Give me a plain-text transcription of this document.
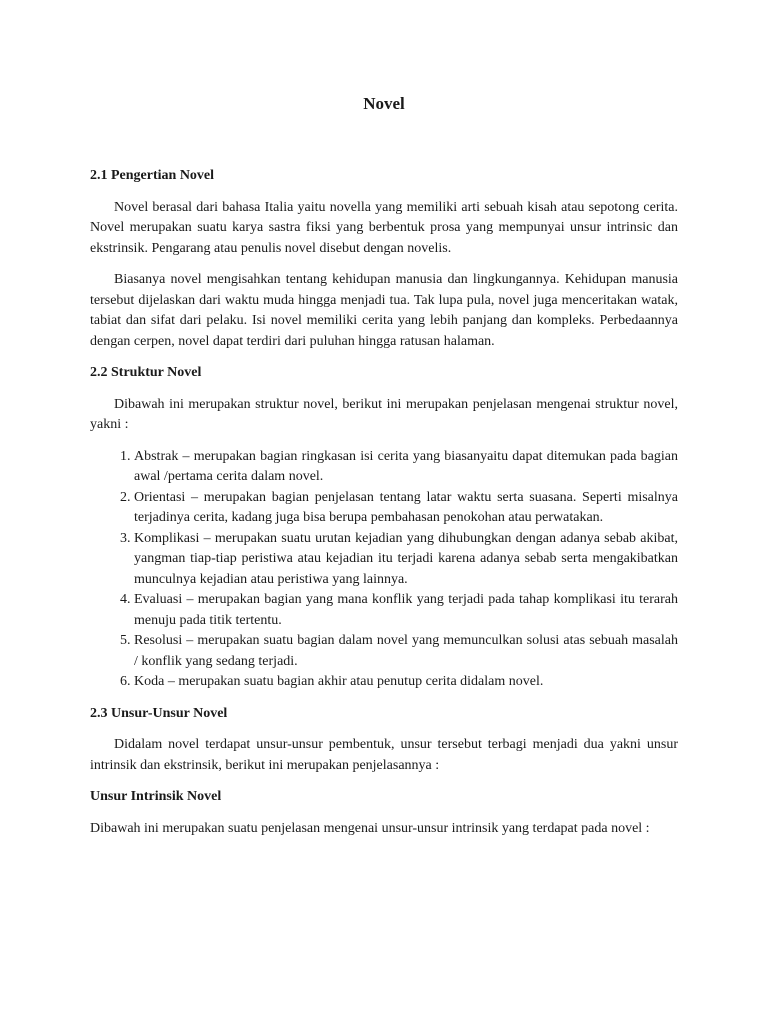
Novel
2.1 Pengertian Novel

Novel berasal dari bahasa Italia yaitu novella yang memiliki arti sebuah kisah atau sepotong cerita. Novel merupakan suatu karya sastra fiksi yang berbentuk prosa yang mempunyai unsur intrinsic dan ekstrinsik. Pengarang atau penulis novel disebut dengan novelis.

Biasanya novel mengisahkan tentang kehidupan manusia dan lingkungannya. Kehidupan manusia tersebut dijelaskan dari waktu muda hingga menjadi tua. Tak lupa pula, novel juga menceritakan watak, tabiat dan sifat dari pelaku. Isi novel memiliki cerita yang lebih panjang dan kompleks. Perbedaannya dengan cerpen, novel dapat terdiri dari puluhan hingga ratusan halaman.

2.2 Struktur Novel

Dibawah ini merupakan struktur novel, berikut ini merupakan penjelasan mengenai struktur novel, yakni :

1. Abstrak – merupakan bagian ringkasan isi cerita yang biasanyaitu dapat ditemukan pada bagian awal /pertama cerita dalam novel.
2. Orientasi – merupakan bagian penjelasan tentang latar waktu serta suasana. Seperti misalnya terjadinya cerita, kadang juga bisa berupa pembahasan penokohan atau perwatakan.
3. Komplikasi – merupakan suatu urutan kejadian yang dihubungkan dengan adanya sebab akibat, yangman tiap-tiap peristiwa atau kejadian itu terjadi karena adanya sebab serta mengakibatkan munculnya kejadian atau peristiwa yang lainnya.
4. Evaluasi – merupakan bagian yang mana konflik yang terjadi pada tahap komplikasi itu terarah menuju pada titik tertentu.
5. Resolusi – merupakan suatu bagian dalam novel yang memunculkan solusi atas sebuah masalah / konflik yang sedang terjadi.
6. Koda – merupakan suatu bagian akhir atau penutup cerita didalam novel.
2.3 Unsur-Unsur Novel

Didalam novel terdapat unsur-unsur pembentuk, unsur tersebut terbagi menjadi dua yakni unsur intrinsik dan ekstrinsik, berikut ini merupakan penjelasannya :

Unsur Intrinsik Novel

Dibawah ini merupakan suatu penjelasan mengenai unsur-unsur intrinsik yang terdapat pada novel :
